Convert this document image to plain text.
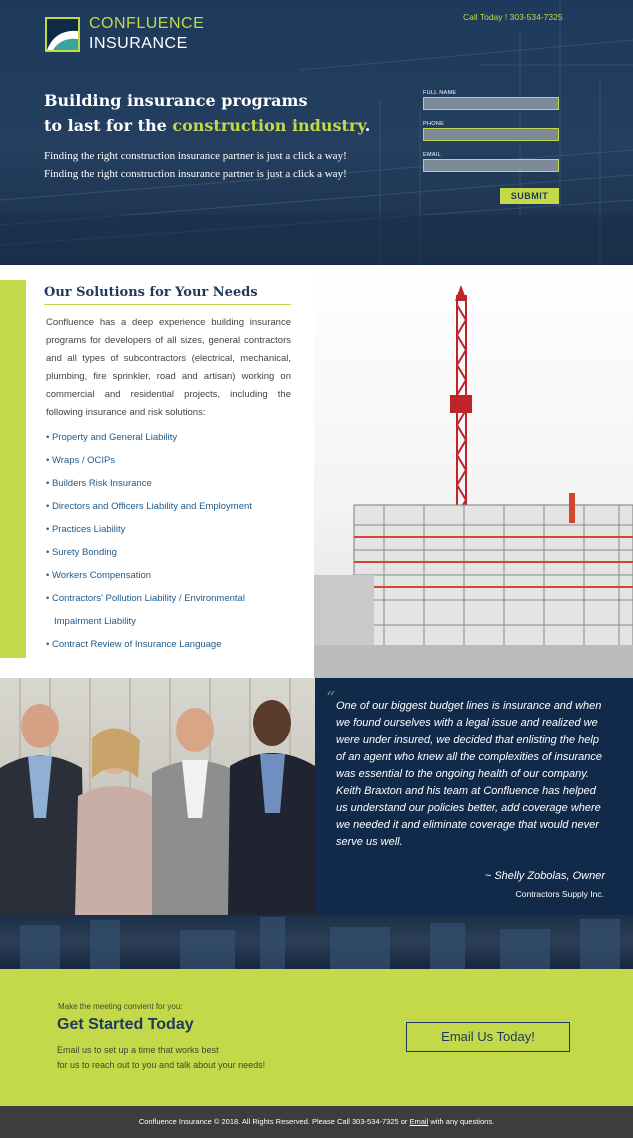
CONFLUENCE
INSURANCE
Call Today ! 303-534-7325
Building insurance programs
to last for the construction industry.

Finding the right construction insurance partner is just a click a way! Finding the right construction insurance partner is just a click a way!

FULL NAME
PHONE
EMAIL
SUBMIT
Our Solutions for Your Needs

Confluence has a deep experience building insurance programs for developers of all sizes, general contractors and all types of subcontractors (electrical, mechanical, plumbing, fire sprinkler, road and artisan) working on commercial and residential projects, including the following insurance and risk solutions:

• Property and General Liability
• Wraps / OCIPs
• Builders Risk Insurance
• Directors and Officers Liability and Employment
• Practices Liability
• Surety Bonding
• Workers Compensation
• Contractors' Pollution Liability / Environmental
Impairment Liability
• Contract Review of Insurance Language
“ One of our biggest budget lines is insurance and when we found ourselves with a legal issue and realized we were under insured, we decided that enlisting the help of an agent who knew all the complexities of insurance was essential to the ongoing health of our company. Keith Braxton and his team at Confluence has helped us understand our policies better, add coverage where we needed it and eliminate coverage that would never serve us well.

~ Shelly Zobolas, Owner
Contractors Supply Inc.
Make the meeting convient for you:
Get Started Today

Email us to set up a time that works best
for us to reach out to you and talk about your needs!

Email Us Today!
Confluence Insurance © 2018. All Rights Reserved. Please Call 303-534-7325 or Email with any questions.
